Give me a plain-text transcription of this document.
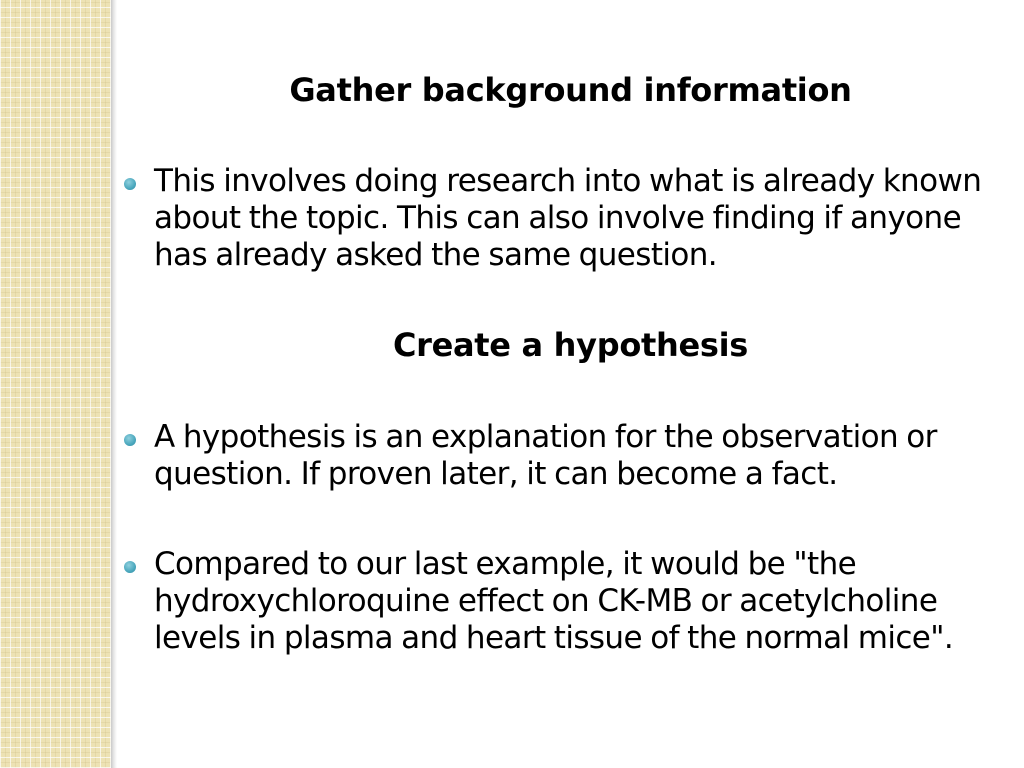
Gather background information
This involves doing research into what is already known about the topic. This can also involve finding if anyone has already asked the same question.
Create a hypothesis
A hypothesis is an explanation for the observation or question. If proven later, it can become a fact.
Compared to our last example, it would be "the hydroxychloroquine effect on CK-MB or acetylcholine levels in plasma and heart tissue of the normal mice".
